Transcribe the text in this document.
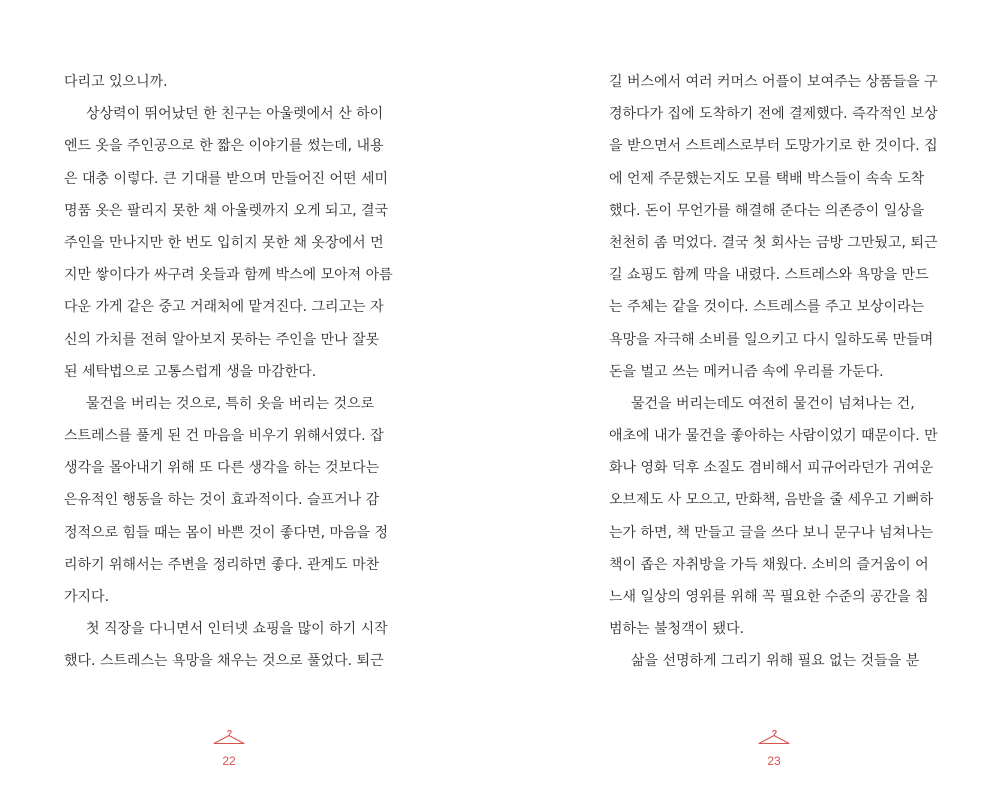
다리고 있으니까.
상상력이 뛰어났던 한 친구는 아울렛에서 산 하이
엔드 옷을 주인공으로 한 짧은 이야기를 썼는데, 내용
은 대충 이렇다. 큰 기대를 받으며 만들어진 어떤 세미
명품 옷은 팔리지 못한 채 아울렛까지 오게 되고, 결국
주인을 만나지만 한 번도 입히지 못한 채 옷장에서 먼
지만 쌓이다가 싸구려 옷들과 함께 박스에 모아져 아름
다운 가게 같은 중고 거래처에 맡겨진다. 그리고는 자
신의 가치를 전혀 알아보지 못하는 주인을 만나 잘못
된 세탁법으로 고통스럽게 생을 마감한다.
물건을 버리는 것으로, 특히 옷을 버리는 것으로
스트레스를 풀게 된 건 마음을 비우기 위해서였다. 잡
생각을 몰아내기 위해 또 다른 생각을 하는 것보다는
은유적인 행동을 하는 것이 효과적이다. 슬프거나 감
정적으로 힘들 때는 몸이 바쁜 것이 좋다면, 마음을 정
리하기 위해서는 주변을 정리하면 좋다. 관계도 마찬
가지다.
첫 직장을 다니면서 인터넷 쇼핑을 많이 하기 시작
했다. 스트레스는 욕망을 채우는 것으로 풀었다. 퇴근
22
길 버스에서 여러 커머스 어플이 보여주는 상품들을 구
경하다가 집에 도착하기 전에 결제했다. 즉각적인 보상
을 받으면서 스트레스로부터 도망가기로 한 것이다. 집
에 언제 주문했는지도 모를 택배 박스들이 속속 도착
했다. 돈이 무언가를 해결해 준다는 의존증이 일상을
천천히 좀 먹었다. 결국 첫 회사는 금방 그만뒀고, 퇴근
길 쇼핑도 함께 막을 내렸다. 스트레스와 욕망을 만드
는 주체는 같을 것이다. 스트레스를 주고 보상이라는
욕망을 자극해 소비를 일으키고 다시 일하도록 만들며
돈을 벌고 쓰는 메커니즘 속에 우리를 가둔다.
물건을 버리는데도 여전히 물건이 넘쳐나는 건,
애초에 내가 물건을 좋아하는 사람이었기 때문이다. 만
화나 영화 덕후 소질도 겸비해서 피규어라던가 귀여운
오브제도 사 모으고, 만화책, 음반을 줄 세우고 기뻐하
는가 하면, 책 만들고 글을 쓰다 보니 문구나 넘쳐나는
책이 좁은 자취방을 가득 채웠다. 소비의 즐거움이 어
느새 일상의 영위를 위해 꼭 필요한 수준의 공간을 침
범하는 불청객이 됐다.
삶을 선명하게 그리기 위해 필요 없는 것들을 분
23
